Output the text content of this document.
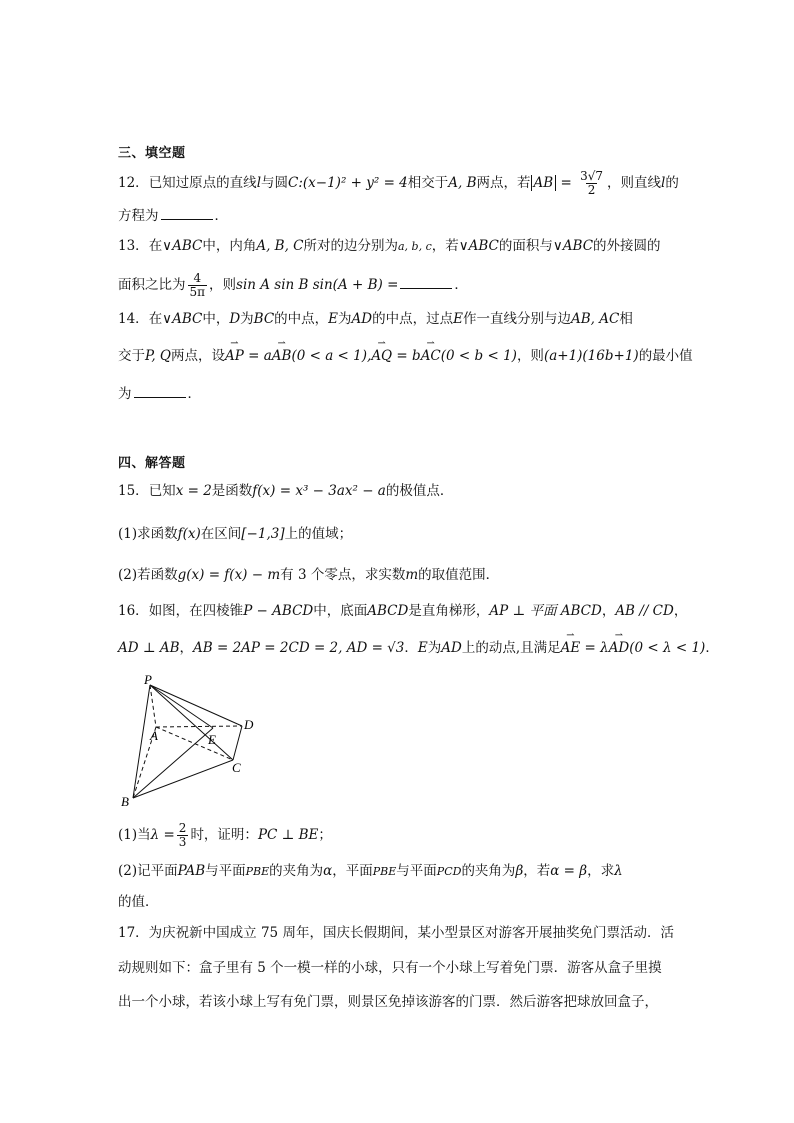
三、填空题
12．已知过原点的直线l与圆C:(x−1)² + y² = 4相交于A, B两点，若 AB = $\frac{3√7}{2}$ ，则直线l的
方程为	．
13．在∨ABC中，内角A, B, C所对的边分别为a, b, c，若∨ABC的面积与∨ABC的外接圆的
面积之比为 $\frac{4}{5\pi}$ ，则sin A sin B sin(A + B) =	．
14．在∨ABC中，D为BC的中点，E为AD的中点，过点E作一直线分别与边AB, AC相
交于P, Q两点，设⇀ AP = a⇀ AB(0 < a < 1),⇀ AQ = b⇀ AC(0 < b < 1)，则(a+1)(16b+1)的最小值
为	．
四、解答题
15．已知x = 2是函数f(x) = x³ − 3ax² − a的极值点．
(1)求函数f(x)在区间[−1,3]上的值域；
(2)若函数g(x) = f(x) − m有 3 个零点，求实数m的取值范围．
16．如图，在四棱锥P − ABCD中，底面ABCD是直角梯形，AP ⊥ 平面 ABCD，AB // CD，
AD ⊥ AB，AB = 2AP = 2CD = 2, AD = √3．E为AD上的动点,且满足⇀ AE = λ⇀ AD(0 < λ < 1)．
P
A	E
D
C
B
(1)当$\lambda = \frac{2}{3}$ 时，证明：PC ⊥ BE；
(2)记平面PAB与平面PBE的夹角为α，平面PBE与平面PCD的夹角为β，若α = β，求λ
的值．
17．为庆祝新中国成立 75 周年，国庆长假期间，某小型景区对游客开展抽奖免门票活动．活
动规则如下：盒子里有 5 个一模一样的小球，只有一个小球上写着免门票．游客从盒子里摸
出一个小球，若该小球上写有免门票，则景区免掉该游客的门票．然后游客把球放回盒子，
